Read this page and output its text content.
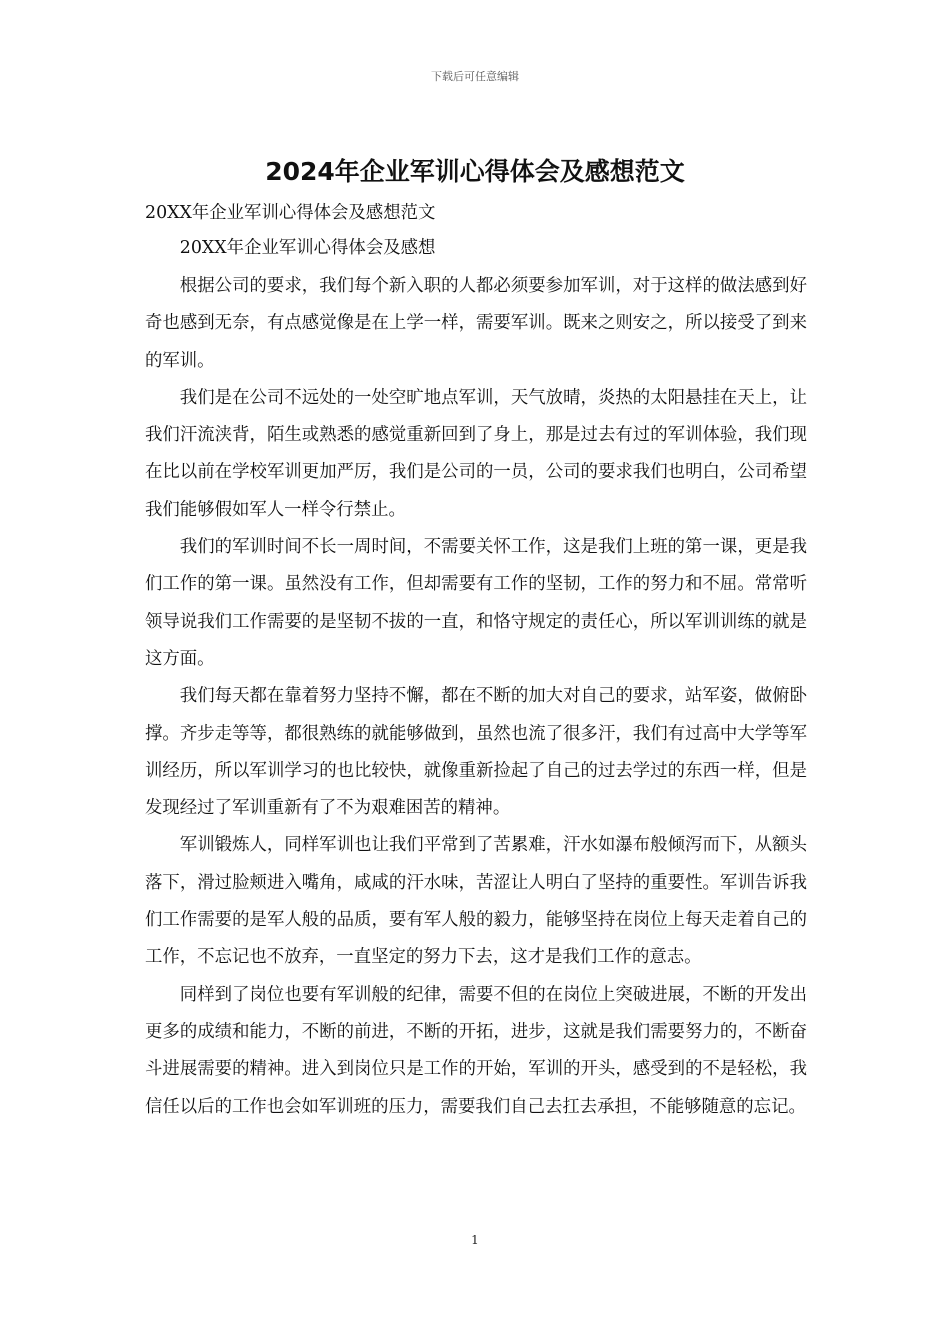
下载后可任意编辑
2024年企业军训心得体会及感想范文

20XX年企业军训心得体会及感想范文

20XX年企业军训心得体会及感想

根据公司的要求，我们每个新入职的人都必须要参加军训，对于这样的做法感到好奇也感到无奈，有点感觉像是在上学一样，需要军训。既来之则安之，所以接受了到来的军训。

我们是在公司不远处的一处空旷地点军训，天气放晴，炎热的太阳悬挂在天上，让我们汗流浃背，陌生或熟悉的感觉重新回到了身上，那是过去有过的军训体验，我们现在比以前在学校军训更加严厉，我们是公司的一员，公司的要求我们也明白，公司希望我们能够假如军人一样令行禁止。

我们的军训时间不长一周时间，不需要关怀工作，这是我们上班的第一课，更是我们工作的第一课。虽然没有工作，但却需要有工作的坚韧，工作的努力和不屈。常常听领导说我们工作需要的是坚韧不拔的一直，和恪守规定的责任心，所以军训训练的就是这方面。

我们每天都在靠着努力坚持不懈，都在不断的加大对自己的要求，站军姿，做俯卧撑。齐步走等等，都很熟练的就能够做到，虽然也流了很多汗，我们有过高中大学等军训经历，所以军训学习的也比较快，就像重新捡起了自己的过去学过的东西一样，但是发现经过了军训重新有了不为艰难困苦的精神。

军训锻炼人，同样军训也让我们平常到了苦累难，汗水如瀑布般倾泻而下，从额头落下，滑过脸颊进入嘴角，咸咸的汗水味，苦涩让人明白了坚持的重要性。军训告诉我们工作需要的是军人般的品质，要有军人般的毅力，能够坚持在岗位上每天走着自己的工作，不忘记也不放弃，一直坚定的努力下去，这才是我们工作的意志。

同样到了岗位也要有军训般的纪律，需要不但的在岗位上突破进展，不断的开发出更多的成绩和能力，不断的前进，不断的开拓，进步，这就是我们需要努力的，不断奋斗进展需要的精神。进入到岗位只是工作的开始，军训的开头，感受到的不是轻松，我信任以后的工作也会如军训班的压力，需要我们自己去扛去承担，不能够随意的忘记。

1
